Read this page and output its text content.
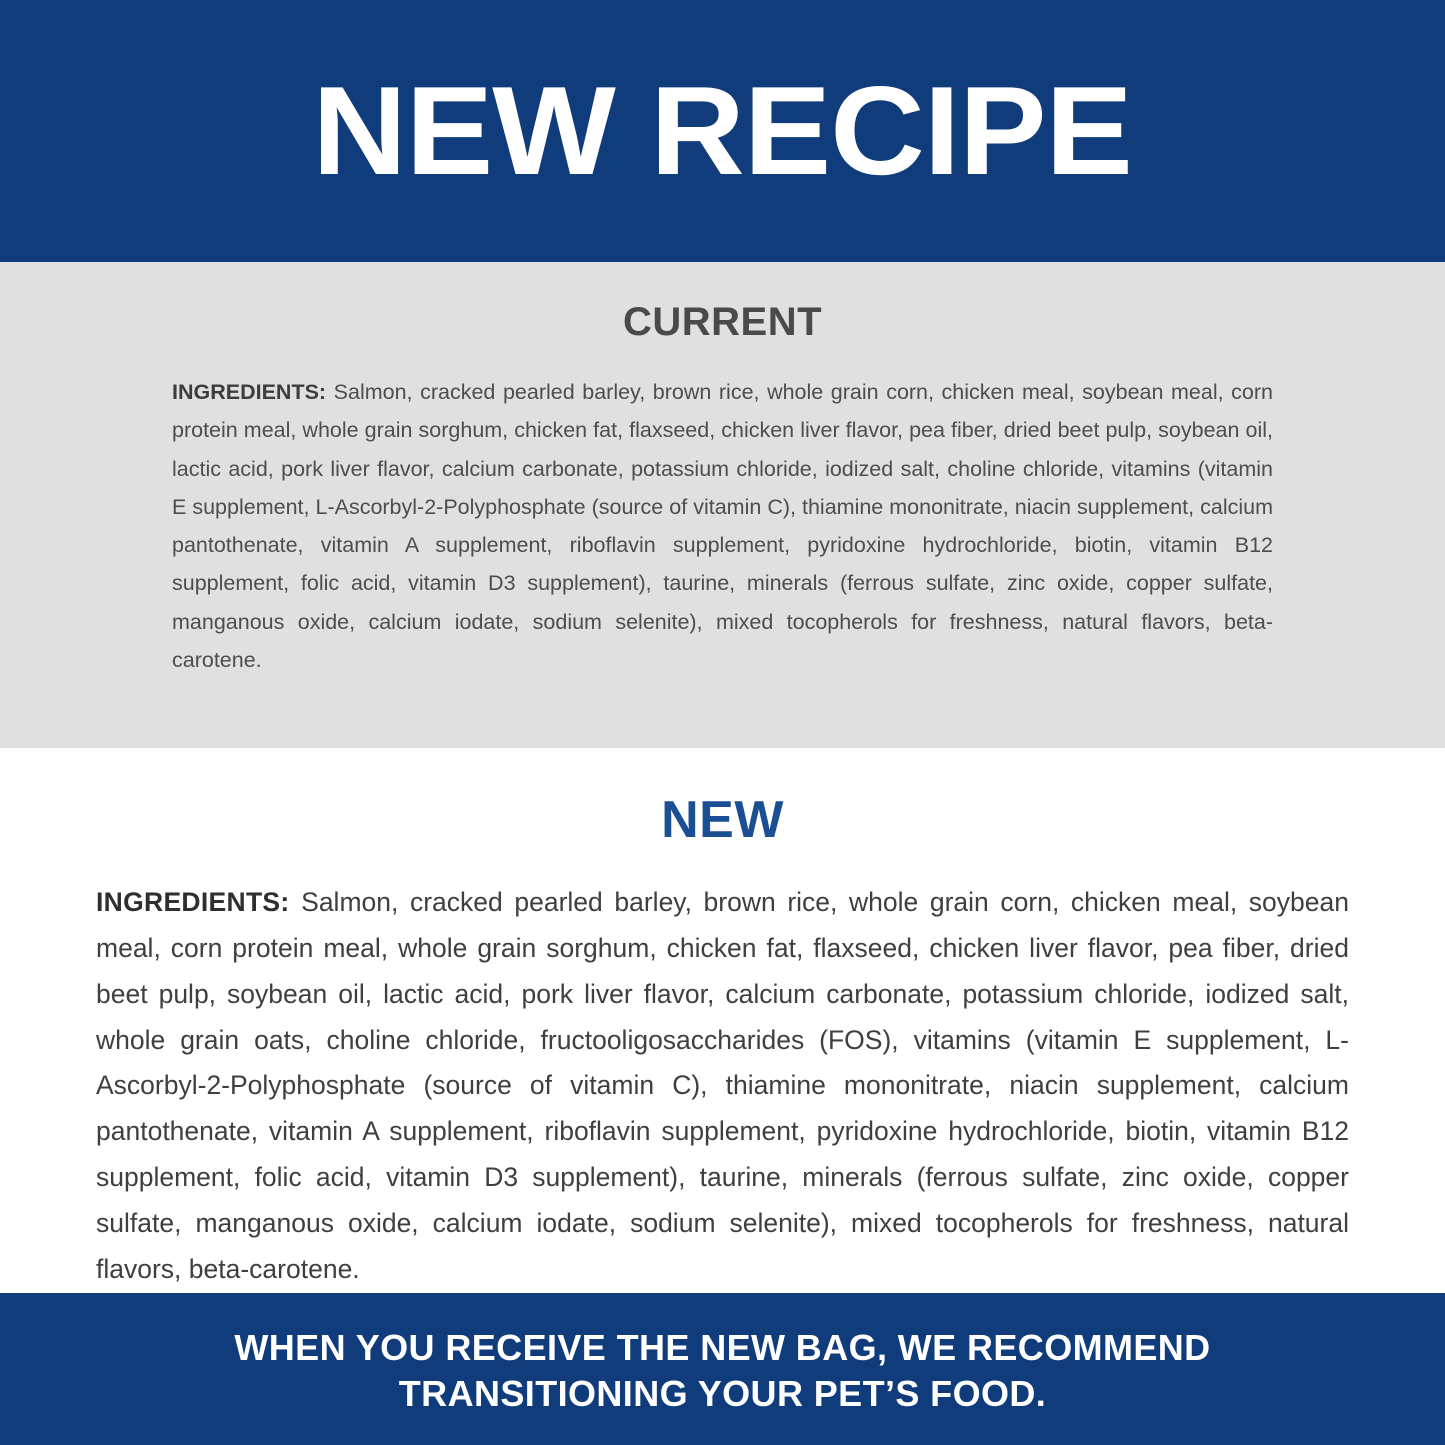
NEW RECIPE
CURRENT

INGREDIENTS: Salmon, cracked pearled barley, brown rice, whole grain corn, chicken meal, soybean meal, corn protein meal, whole grain sorghum, chicken fat, flaxseed, chicken liver flavor, pea fiber, dried beet pulp, soybean oil, lactic acid, pork liver flavor, calcium carbonate, potassium chloride, iodized salt, choline chloride, vitamins (vitamin E supplement, L-Ascorbyl-2-Polyphosphate (source of vitamin C), thiamine mononitrate, niacin supplement, calcium pantothenate, vitamin A supplement, riboflavin supplement, pyridoxine hydrochloride, biotin, vitamin B12 supplement, folic acid, vitamin D3 supplement), taurine, minerals (ferrous sulfate, zinc oxide, copper sulfate, manganous oxide, calcium iodate, sodium selenite), mixed tocopherols for freshness, natural flavors, beta-carotene.

NEW

INGREDIENTS: Salmon, cracked pearled barley, brown rice, whole grain corn, chicken meal, soybean meal, corn protein meal, whole grain sorghum, chicken fat, flaxseed, chicken liver flavor, pea fiber, dried beet pulp, soybean oil, lactic acid, pork liver flavor, calcium carbonate, potassium chloride, iodized salt, whole grain oats, choline chloride, fructooligosaccharides (FOS), vitamins (vitamin E supplement, L-Ascorbyl-2-Polyphosphate (source of vitamin C), thiamine mononitrate, niacin supplement, calcium pantothenate, vitamin A supplement, riboflavin supplement, pyridoxine hydrochloride, biotin, vitamin B12 supplement, folic acid, vitamin D3 supplement), taurine, minerals (ferrous sulfate, zinc oxide, copper sulfate, manganous oxide, calcium iodate, sodium selenite), mixed tocopherols for freshness, natural flavors, beta-carotene.

WHEN YOU RECEIVE THE NEW BAG, WE RECOMMEND
TRANSITIONING YOUR PET’S FOOD.
